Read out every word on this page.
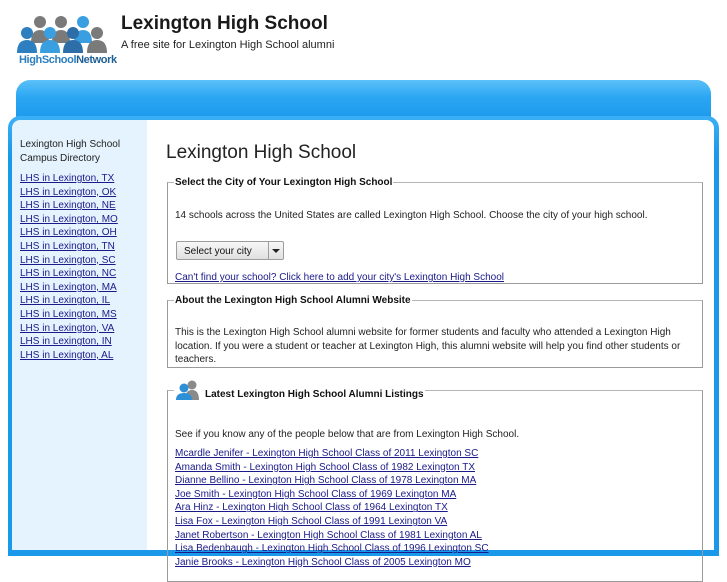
HighSchoolNetwork
Lexington High School
A free site for Lexington High School alumni
Lexington High School Campus Directory
LHS in Lexington, TX
LHS in Lexington, OK
LHS in Lexington, NE
LHS in Lexington, MO
LHS in Lexington, OH
LHS in Lexington, TN
LHS in Lexington, SC
LHS in Lexington, NC
LHS in Lexington, MA
LHS in Lexington, IL
LHS in Lexington, MS
LHS in Lexington, VA
LHS in Lexington, IN
LHS in Lexington, AL
Lexington High School
Select the City of Your Lexington High School

14 schools across the United States are called Lexington High School. Choose the city of your high school.

Select your city
Can't find your school? Click here to add your city's Lexington High School
About the Lexington High School Alumni Website

This is the Lexington High School alumni website for former students and faculty who attended a Lexington High location. If you were a student or teacher at Lexington High, this alumni website will help you find other students or teachers.

Latest Lexington High School Alumni Listings

See if you know any of the people below that are from Lexington High School.

Mcardle Jenifer - Lexington High School Class of 2011 Lexington SC
Amanda Smith - Lexington High School Class of 1982 Lexington TX
Dianne Bellino - Lexington High School Class of 1978 Lexington MA
Joe Smith - Lexington High School Class of 1969 Lexington MA
Ara Hinz - Lexington High School Class of 1964 Lexington TX
Lisa Fox - Lexington High School Class of 1991 Lexington VA
Janet Robertson - Lexington High School Class of 1981 Lexington AL
Lisa Bedenbaugh - Lexington High School Class of 1996 Lexington SC
Janie Brooks - Lexington High School Class of 2005 Lexington MO
